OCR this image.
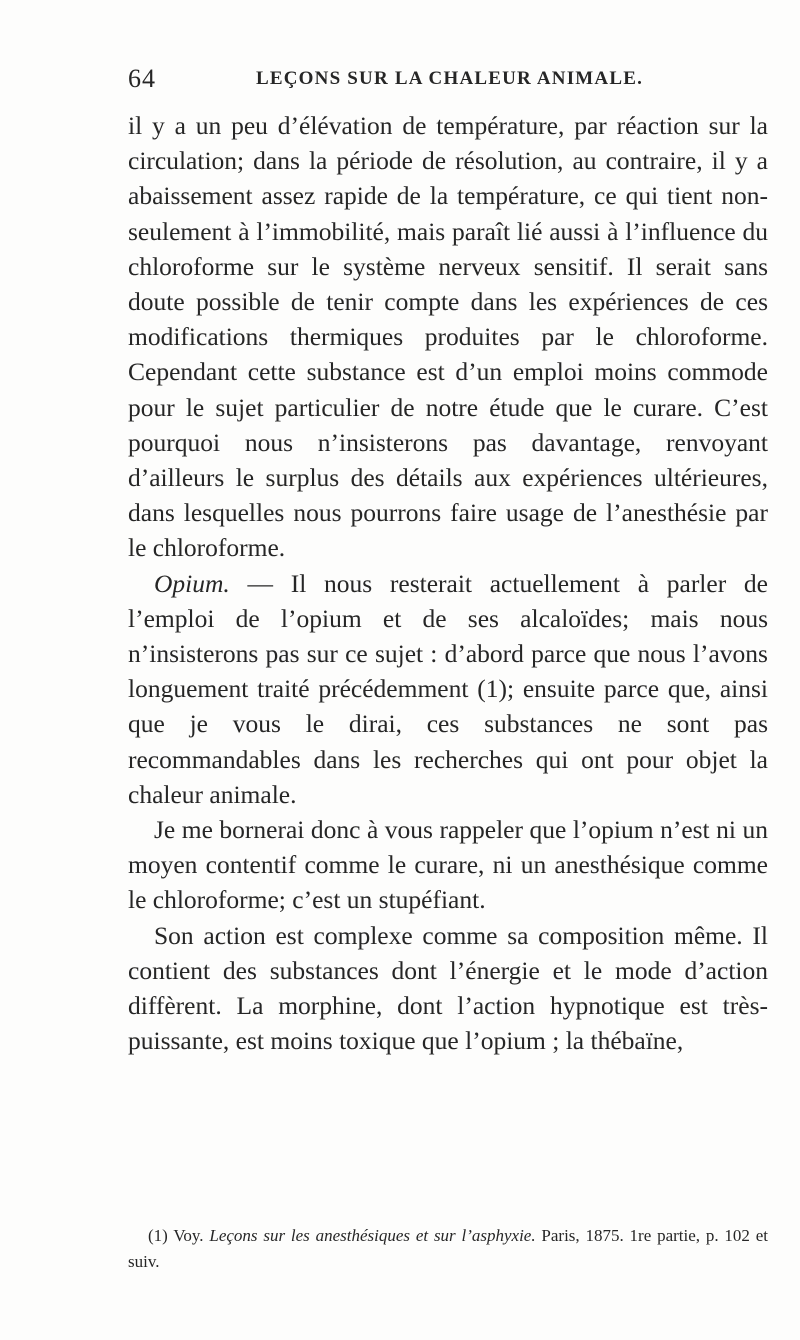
64	LEÇONS SUR LA CHALEUR ANIMALE.

il y a un peu d’élévation de température, par réaction sur la circulation; dans la période de résolution, au contraire, il y a abaissement assez rapide de la température, ce qui tient non-seulement à l’immobilité, mais paraît lié aussi à l’influence du chloroforme sur le système nerveux sensitif. Il serait sans doute possible de tenir compte dans les expériences de ces modifications thermiques produites par le chloroforme. Cependant cette substance est d’un emploi moins commode pour le sujet particulier de notre étude que le curare. C’est pourquoi nous n’insisterons pas davantage, renvoyant d’ailleurs le surplus des détails aux expériences ultérieures, dans lesquelles nous pourrons faire usage de l’anesthésie par le chloroforme.

Opium. — Il nous resterait actuellement à parler de l’emploi de l’opium et de ses alcaloïdes; mais nous n’insisterons pas sur ce sujet : d’abord parce que nous l’avons longuement traité précédemment (1); ensuite parce que, ainsi que je vous le dirai, ces substances ne sont pas recommandables dans les recherches qui ont pour objet la chaleur animale.

Je me bornerai donc à vous rappeler que l’opium n’est ni un moyen contentif comme le curare, ni un anesthésique comme le chloroforme; c’est un stupéfiant.

Son action est complexe comme sa composition même. Il contient des substances dont l’énergie et le mode d’action diffèrent. La morphine, dont l’action hypnotique est très-puissante, est moins toxique que l’opium ; la thébaïne,

(1) Voy. Leçons sur les anesthésiques et sur l’asphyxie. Paris, 1875. 1re partie, p. 102 et suiv.
